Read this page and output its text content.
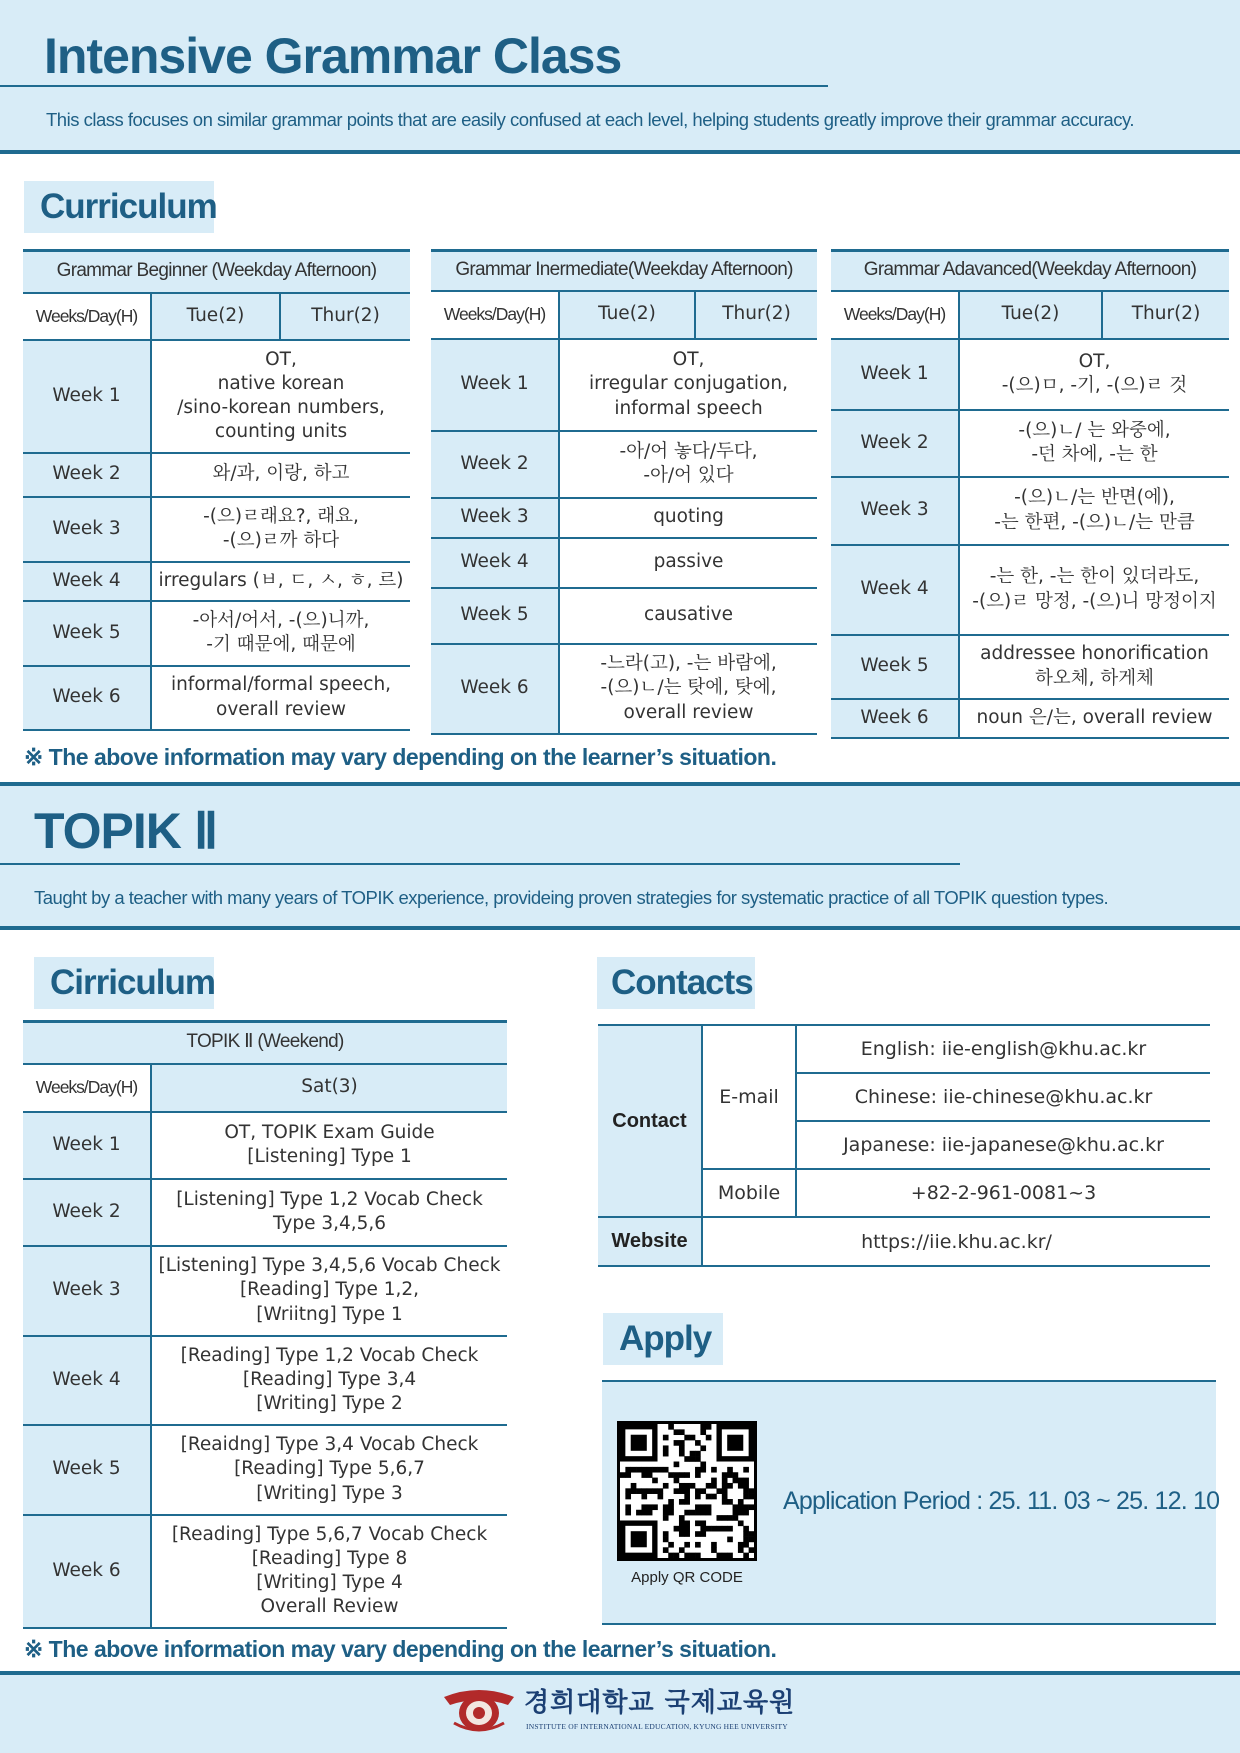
Intensive Grammar Class
This class focuses on similar grammar points that are easily confused at each level, helping students greatly improve their grammar accuracy.
Curriculum
Grammar Beginner (Weekday Afternoon)		
Weeks/Day(H)	Tue(2)	Thur(2)
Week 1	OT,
native korean
/sino-korean numbers,
counting units	
Week 2	와/과, 이랑, 하고	
Week 3	-(으)ㄹ래요?, 래요,
-(으)ㄹ까 하다	
Week 4	irregulars (ㅂ, ㄷ, ㅅ, ㅎ, 르)	
Week 5	-아서/어서, -(으)니까,
-기 때문에, 때문에	
Week 6	informal/formal speech,
overall review	
Grammar Inermediate(Weekday Afternoon)		
Weeks/Day(H)	Tue(2)	Thur(2)
Week 1	OT,
irregular conjugation,
informal speech	
Week 2	-아/어 놓다/두다,
-아/어 있다	
Week 3	quoting	
Week 4	passive	
Week 5	causative	
Week 6	-느라(고), -는 바람에,
-(으)ㄴ/는 탓에, 탓에,
overall review	
Grammar Adavanced(Weekday Afternoon)		
Weeks/Day(H)	Tue(2)	Thur(2)
Week 1	OT,
-(으)ㅁ, -기, -(으)ㄹ 것	
Week 2	-(으)ㄴ/ 는 와중에,
-던 차에, -는 한	
Week 3	-(으)ㄴ/는 반면(에),
-는 한편, -(으)ㄴ/는 만큼	
Week 4	-는 한, -는 한이 있더라도,
-(으)ㄹ 망정, -(으)니 망정이지	
Week 5	addressee honorification
하오체, 하게체	
Week 6	noun 은/는, overall review	
※ The above information may vary depending on the learner’s situation.
TOPIK Ⅱ
Taught by a teacher with many years of TOPIK experience, provideing proven strategies for systematic practice of all TOPIK question types.
Cirriculum
TOPIK Ⅱ (Weekend)	
Weeks/Day(H)	Sat(3)
Week 1	OT, TOPIK Exam Guide
[Listening] Type 1
Week 2	[Listening] Type 1,2 Vocab Check
Type 3,4,5,6
Week 3	[Listening] Type 3,4,5,6 Vocab Check
[Reading] Type 1,2,
[Wriitng] Type 1
Week 4	[Reading] Type 1,2 Vocab Check
[Reading] Type 3,4
[Writing] Type 2
Week 5	[Reaidng] Type 3,4 Vocab Check
[Reading] Type 5,6,7
[Writing] Type 3
Week 6	[Reading] Type 5,6,7 Vocab Check
[Reading] Type 8
[Writing] Type 4
Overall Review
Contacts
Contact	E-mail	English: iie-english@khu.ac.kr
		Chinese: iie-chinese@khu.ac.kr
		Japanese: iie-japanese@khu.ac.kr
	Mobile	+82-2-961-0081~3
Website	https://iie.khu.ac.kr/	
Apply
Apply QR CODE
Application Period : 25. 11. 03 ~ 25. 12. 10
※ The above information may vary depending on the learner’s situation.
경희대학교 국제교육원
INSTITUTE OF INTERNATIONAL EDUCATION, KYUNG HEE UNIVERSITY
